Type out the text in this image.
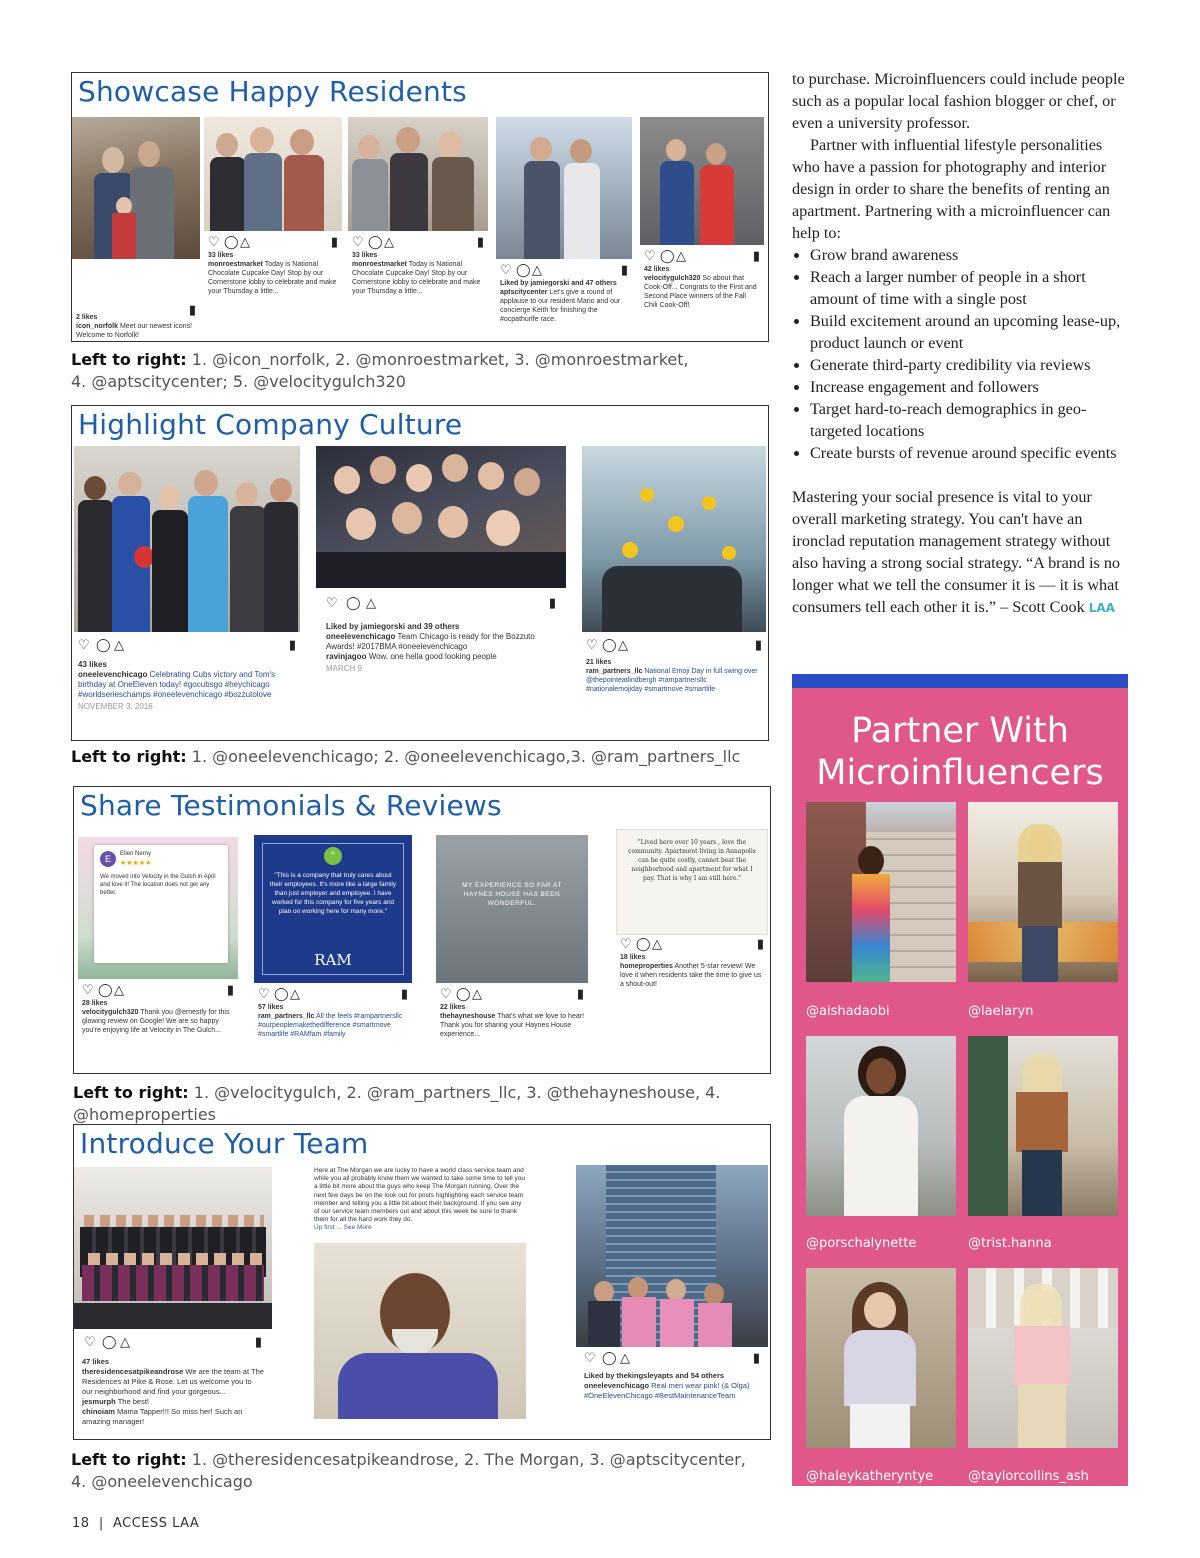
Showcase Happy Residents
▮
2 likes
icon_norfolk Meet our newest icons! Welcome to Norfolk!
♡ ◯ △	▮
33 likes
monroestmarket Today is National Chocolate Cupcake Day! Stop by our Cornerstone lobby to celebrate and make your Thursday a little...
♡ ◯ △	▮
33 likes
monroestmarket Today is National Chocolate Cupcake Day! Stop by our Cornerstone lobby to celebrate and make your Thursday a little...
♡ ◯ △	▮
Liked by jamiegorski and 47 others
aptscitycenter Let's give a round of applause to our resident Mario and our concierge Keith for finishing the #ocpathurlfe race.
♡ ◯ △	▮
42 likes
velocitygulch320 So about that Cook-Off... Congrats to the First and Second Place winners of the Fall Chili Cook-Off!
Left to right: 1. @icon_norfolk, 2. @monroestmarket, 3. @monroestmarket,
4. @aptscitycenter; 5. @velocitygulch320
Highlight Company Culture
♡ ◯ △	▮
43 likes
oneelevenchicago Celebrating Cubs victory and Tom's birthday at OneEleven today! #gocubsgo #heychicago #worldserieschamps #oneelevenchicago #bozzutolove
NOVEMBER 3, 2016
♡ ◯ △	▮
Liked by jamiegorski and 39 others
oneelevenchicago Team Chicago is ready for the Bozzuto Awards! #2017BMA #oneelevenchicago
ravinjagoo Wow, one hella good looking people
MARCH 9
♡ ◯ △	▮
21 likes
ram_partners_llc National Emoji Day in full swing over @thepointeatlindbergh #rampartnersllc #nationalemojiday #smartmove #smartlife
Left to right: 1. @oneelevenchicago; 2. @oneelevenchicago,3. @ram_partners_llc
Share Testimonials & Reviews
E	Ellen Nerny
★★★★★
We moved into Velocity in the Gulch in April and love it! The location does not get any better.
♡ ◯ △	▮
28 likes
velocitygulch320 Thank you @ernestly for this glowing review on Google! We are so happy you're enjoying life at Velocity in The Gulch...
“
"This is a company that truly cares about their employees. It's more like a large family than just employer and employee. I have worked for this company for five years and plan on working here for many more."
RAM
♡ ◯ △	▮
57 likes
ram_partners_llc All the feels #rampartnersllc #ourpeoplemakethedifference #smartmove #smartlife #RAMfam #family
MY EXPERIENCE SO FAR AT HAYNES HOUSE HAS BEEN WONDERFUL.
♡ ◯ △	▮
22 likes
thehayneshouse That's what we love to hear! Thank you for sharing your Haynes House experience...
"Lived here over 10 years , love the community. Apartment living in Annapolis can be quite costly, cannot beat the neighborhood and apartment for what I pay. That is why I am still here."
♡ ◯ △	▮
18 likes
homeproperties Another 5-star review! We love it when residents take the time to give us a shout-out!
Left to right: 1. @velocitygulch, 2. @ram_partners_llc, 3. @thehayneshouse, 4. @homeproperties
Introduce Your Team
♡ ◯ △	▮
47 likes
theresidencesatpikeandrose We are the team at The Residences at Pike & Rose. Let us welcome you to our neighborhood and find your gorgeous...
jesmurph The best!
chinoiam Mama Tapper!!! So miss her! Such an amazing manager!
Here at The Morgan we are lucky to have a world class service team and while you all probably know them we wanted to take some time to tell you a little bit more about the guys who keep The Morgan running. Over the next few days be on the look out for posts highlighting each service team member and telling you a little bit about their background. If you see any of our service team members out and about this week be sure to thank them for all the hard work they do.
Up first ... See More
♡ ◯ △	▮
Liked by thekingsleyapts and 54 others
oneelevenchicago Real men wear pink! (& Olga) #OneElevenChicago #BestMaintenanceTeam
Left to right: 1. @theresidencesatpikeandrose, 2. The Morgan, 3. @aptscitycenter,
4. @oneelevenchicago

to purchase. Microinfluencers could include people such as a popular local fashion blogger or chef, or even a university professor.

Partner with influential lifestyle personalities who have a passion for photography and interior design in order to share the benefits of renting an apartment. Partnering with a microinfluencer can help to:

• Grow brand awareness
• Reach a larger number of people in a short amount of time with a single post
• Build excitement around an upcoming lease-up, product launch or event
• Generate third-party credibility via reviews
• Increase engagement and followers
• Target hard-to-reach demographics in geo-targeted locations
• Create bursts of revenue around specific events

Mastering your social presence is vital to your overall marketing strategy. You can't have an ironclad reputation management strategy without also having a strong social strategy. “A brand is no longer what we tell the consumer it is — it is what consumers tell each other it is.” – Scott Cook LAA

Partner With
Microinfluencers
@aishadaobi	@laelaryn
@porschalynette	@trist.hanna
@haleykatheryntye	@taylorcollins_ash
18 | ACCESS LAA
